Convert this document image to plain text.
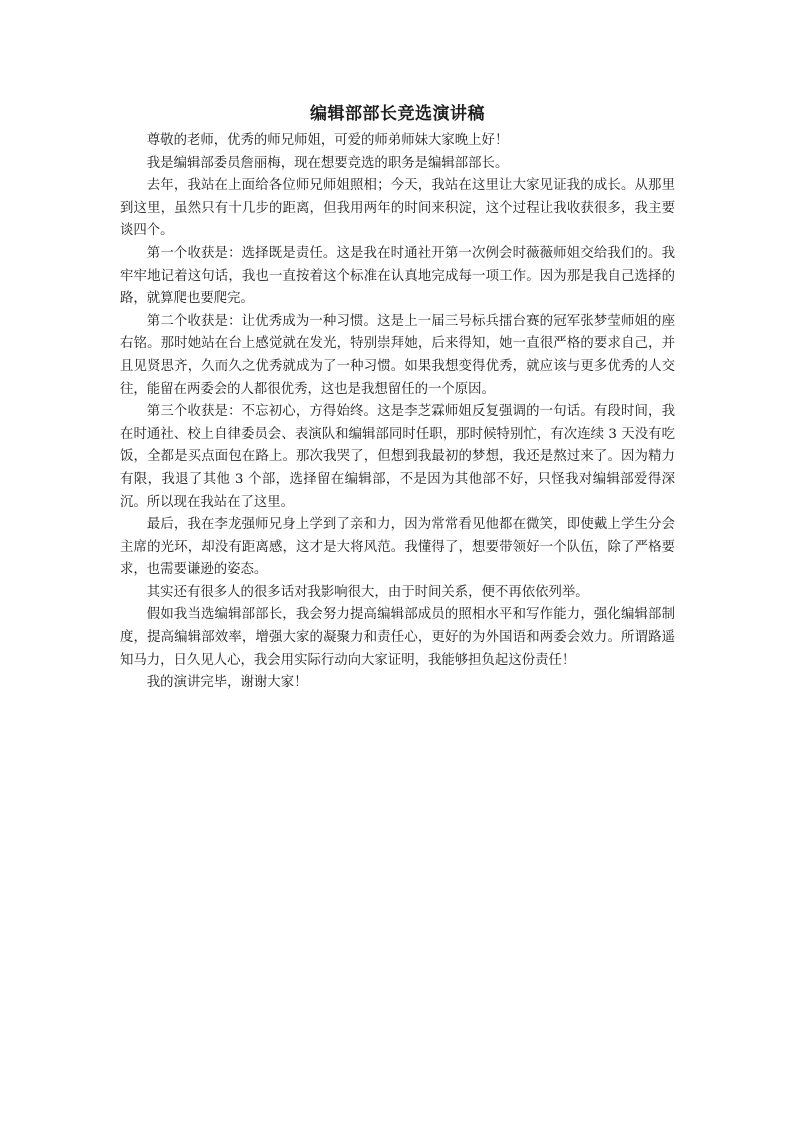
编辑部部长竞选演讲稿

尊敬的老师，优秀的师兄师姐，可爱的师弟师妹大家晚上好！

我是编辑部委员詹丽梅，现在想要竞选的职务是编辑部部长。

去年，我站在上面给各位师兄师姐照相；今天，我站在这里让大家见证我的成长。从那里到这里，虽然只有十几步的距离，但我用两年的时间来积淀，这个过程让我收获很多，我主要谈四个。

第一个收获是：选择既是责任。这是我在时通社开第一次例会时薇薇师姐交给我们的。我牢牢地记着这句话，我也一直按着这个标准在认真地完成每一项工作。因为那是我自己选择的路，就算爬也要爬完。

第二个收获是：让优秀成为一种习惯。这是上一届三号标兵擂台赛的冠军张梦莹师姐的座右铭。那时她站在台上感觉就在发光，特别崇拜她，后来得知，她一直很严格的要求自己，并且见贤思齐，久而久之优秀就成为了一种习惯。如果我想变得优秀，就应该与更多优秀的人交往，能留在两委会的人都很优秀，这也是我想留任的一个原因。

第三个收获是：不忘初心，方得始终。这是李芝霖师姐反复强调的一句话。有段时间，我在时通社、校上自律委员会、表演队和编辑部同时任职，那时候特别忙，有次连续 3 天没有吃饭，全都是买点面包在路上。那次我哭了，但想到我最初的梦想，我还是熬过来了。因为精力有限，我退了其他 3 个部，选择留在编辑部，不是因为其他部不好，只怪我对编辑部爱得深沉。所以现在我站在了这里。

最后，我在李龙强师兄身上学到了亲和力，因为常常看见他都在微笑，即使戴上学生分会主席的光环，却没有距离感，这才是大将风范。我懂得了，想要带领好一个队伍，除了严格要求，也需要谦逊的姿态。

其实还有很多人的很多话对我影响很大，由于时间关系，便不再依依列举。

假如我当选编辑部部长，我会努力提高编辑部成员的照相水平和写作能力，强化编辑部制度，提高编辑部效率，增强大家的凝聚力和责任心，更好的为外国语和两委会效力。所谓路遥知马力，日久见人心，我会用实际行动向大家证明，我能够担负起这份责任！

我的演讲完毕，谢谢大家！
